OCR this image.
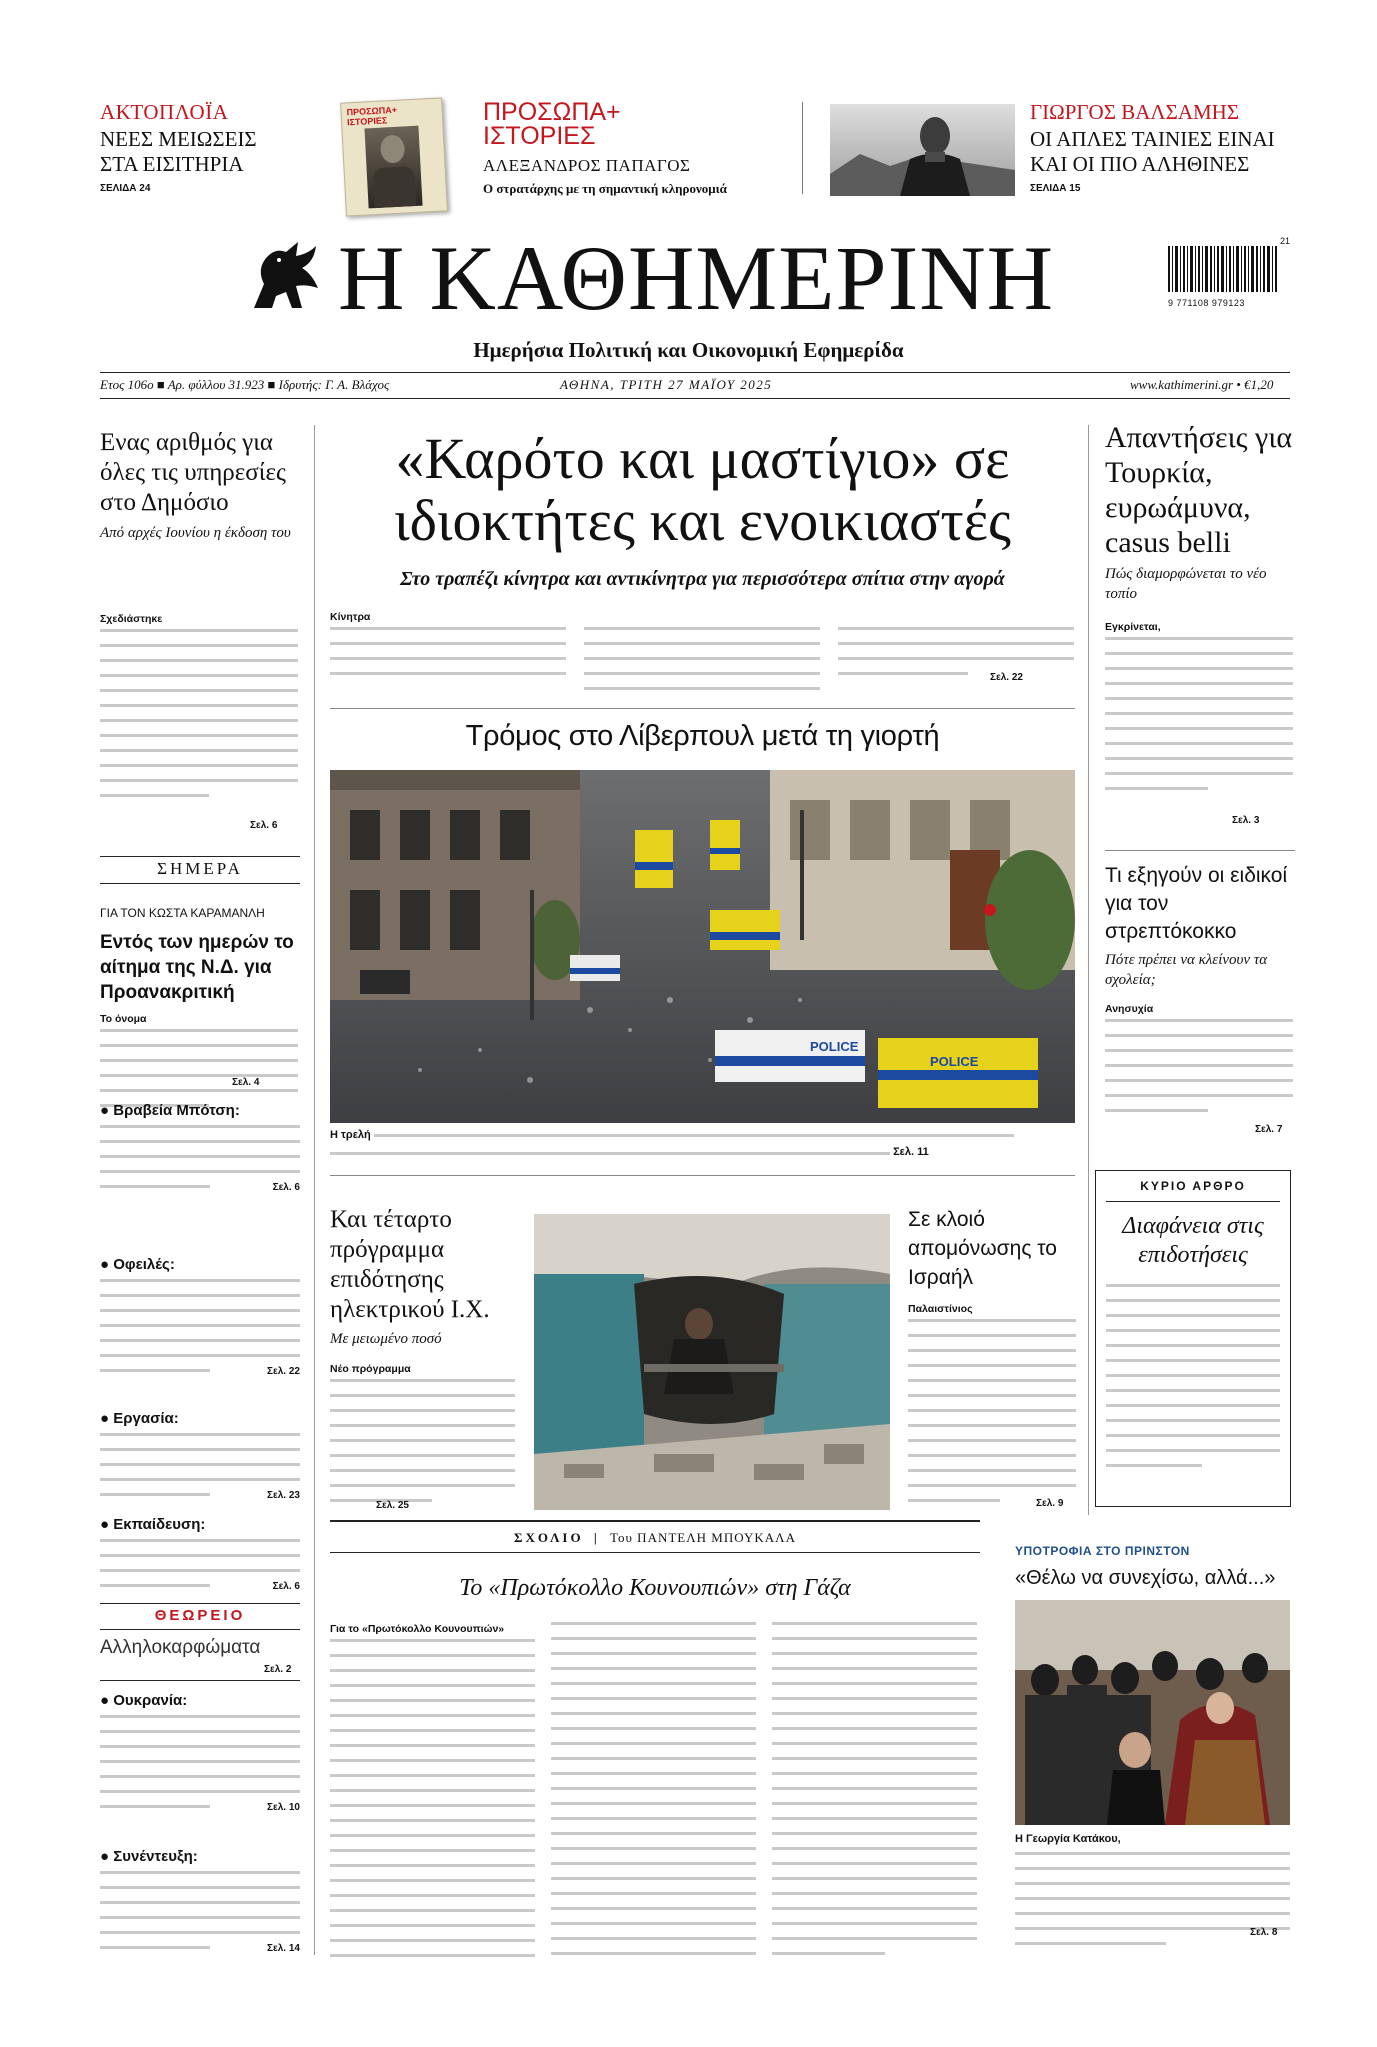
ΑΚΤΟΠΛΟΪΑ
ΝΕΕΣ ΜΕΙΩΣΕΙΣ
ΣΤΑ ΕΙΣΙΤΗΡΙΑ
ΣΕΛΙΔΑ 24
ΠΡΟΣΩΠΑ+ ΙΣΤΟΡΙΕΣ	ΠΡΟΣΩΠΑ+
ΙΣΤΟΡΙΕΣ
ΑΛΕΞΑΝΔΡΟΣ ΠΑΠΑΓΟΣ
Ο στρατάρχης με τη σημαντική κληρονομιά
ΓΙΩΡΓΟΣ ΒΑΛΣΑΜΗΣ
ΟΙ ΑΠΛΕΣ ΤΑΙΝΙΕΣ ΕΙΝΑΙ
ΚΑΙ ΟΙ ΠΙΟ ΑΛΗΘΙΝΕΣ
ΣΕΛΙΔΑ 15
Η ΚΑΘΗΜΕΡΙΝΗ	21
9 771108 979123
Ημερήσια Πολιτική και Οικονομική Εφημερίδα
Ετος 106ο ■ Αρ. φύλλου 31.923 ■ Ιδρυτής: Γ. Α. Βλάχος	ΑΘΗΝΑ, ΤΡΙΤΗ 27 ΜΑΪΟΥ 2025	www.kathimerini.gr • €1,20
Ενας αριθμός για όλες τις υπηρεσίες στο Δημόσιο
Από αρχές Ιουνίου η έκδοση του
Σχεδιάστηκε
Σελ. 6
ΣΗΜΕΡΑ
ΓΙΑ ΤΟΝ ΚΩΣΤΑ ΚΑΡΑΜΑΝΛΗ
Εντός των ημερών το αίτημα της Ν.Δ. για Προανακριτική
Το όνομα
Σελ. 4
● Βραβεία Μπότση:
Σελ. 6
● Οφειλές:
Σελ. 22
● Εργασία:
Σελ. 23
● Εκπαίδευση:
Σελ. 6
ΘΕΩΡΕΙΟ
Αλληλοκαρφώματα
Σελ. 2
● Ουκρανία:
Σελ. 10
● Συνέντευξη:
Σελ. 14
«Καρότο και μαστίγιο» σε
ιδιοκτήτες και ενοικιαστές
Στο τραπέζι κίνητρα και αντικίνητρα για περισσότερα σπίτια στην αγορά
Κίνητρα
Σελ. 22
Τρόμος στο Λίβερπουλ μετά τη γιορτή
POLICE
POLICE
Η τρελή

Σελ. 11
Και τέταρτο πρόγραμμα επιδότησης ηλεκτρικού Ι.Χ.
Με μειωμένο ποσό
Νέο πρόγραμμα
Σελ. 25
Σε κλοιό απομόνωσης το Ισραήλ
Παλαιστίνιος
Σελ. 9
Απαντήσεις για Τουρκία, ευρωάμυνα, casus belli
Πώς διαμορφώνεται το νέο τοπίο
Εγκρίνεται,
Σελ. 3
Τι εξηγούν οι ειδικοί για τον στρεπτόκοκκο
Πότε πρέπει να κλείνουν τα σχολεία;
Ανησυχία
Σελ. 7
ΚΥΡΙΟ ΑΡΘΡΟ
Διαφάνεια στις επιδοτήσεις
ΥΠΟΤΡΟΦΙΑ ΣΤΟ ΠΡΙΝΣΤΟΝ
«Θέλω να συνεχίσω, αλλά...»
Η Γεωργία Κατάκου,
Σελ. 8
ΣΧΟΛΙΟ | Του ΠΑΝΤΕΛΗ ΜΠΟΥΚΑΛΑ
Το «Πρωτόκολλο Κουνουπιών» στη Γάζα
Για το «Πρωτόκολλο Κουνουπιών»
